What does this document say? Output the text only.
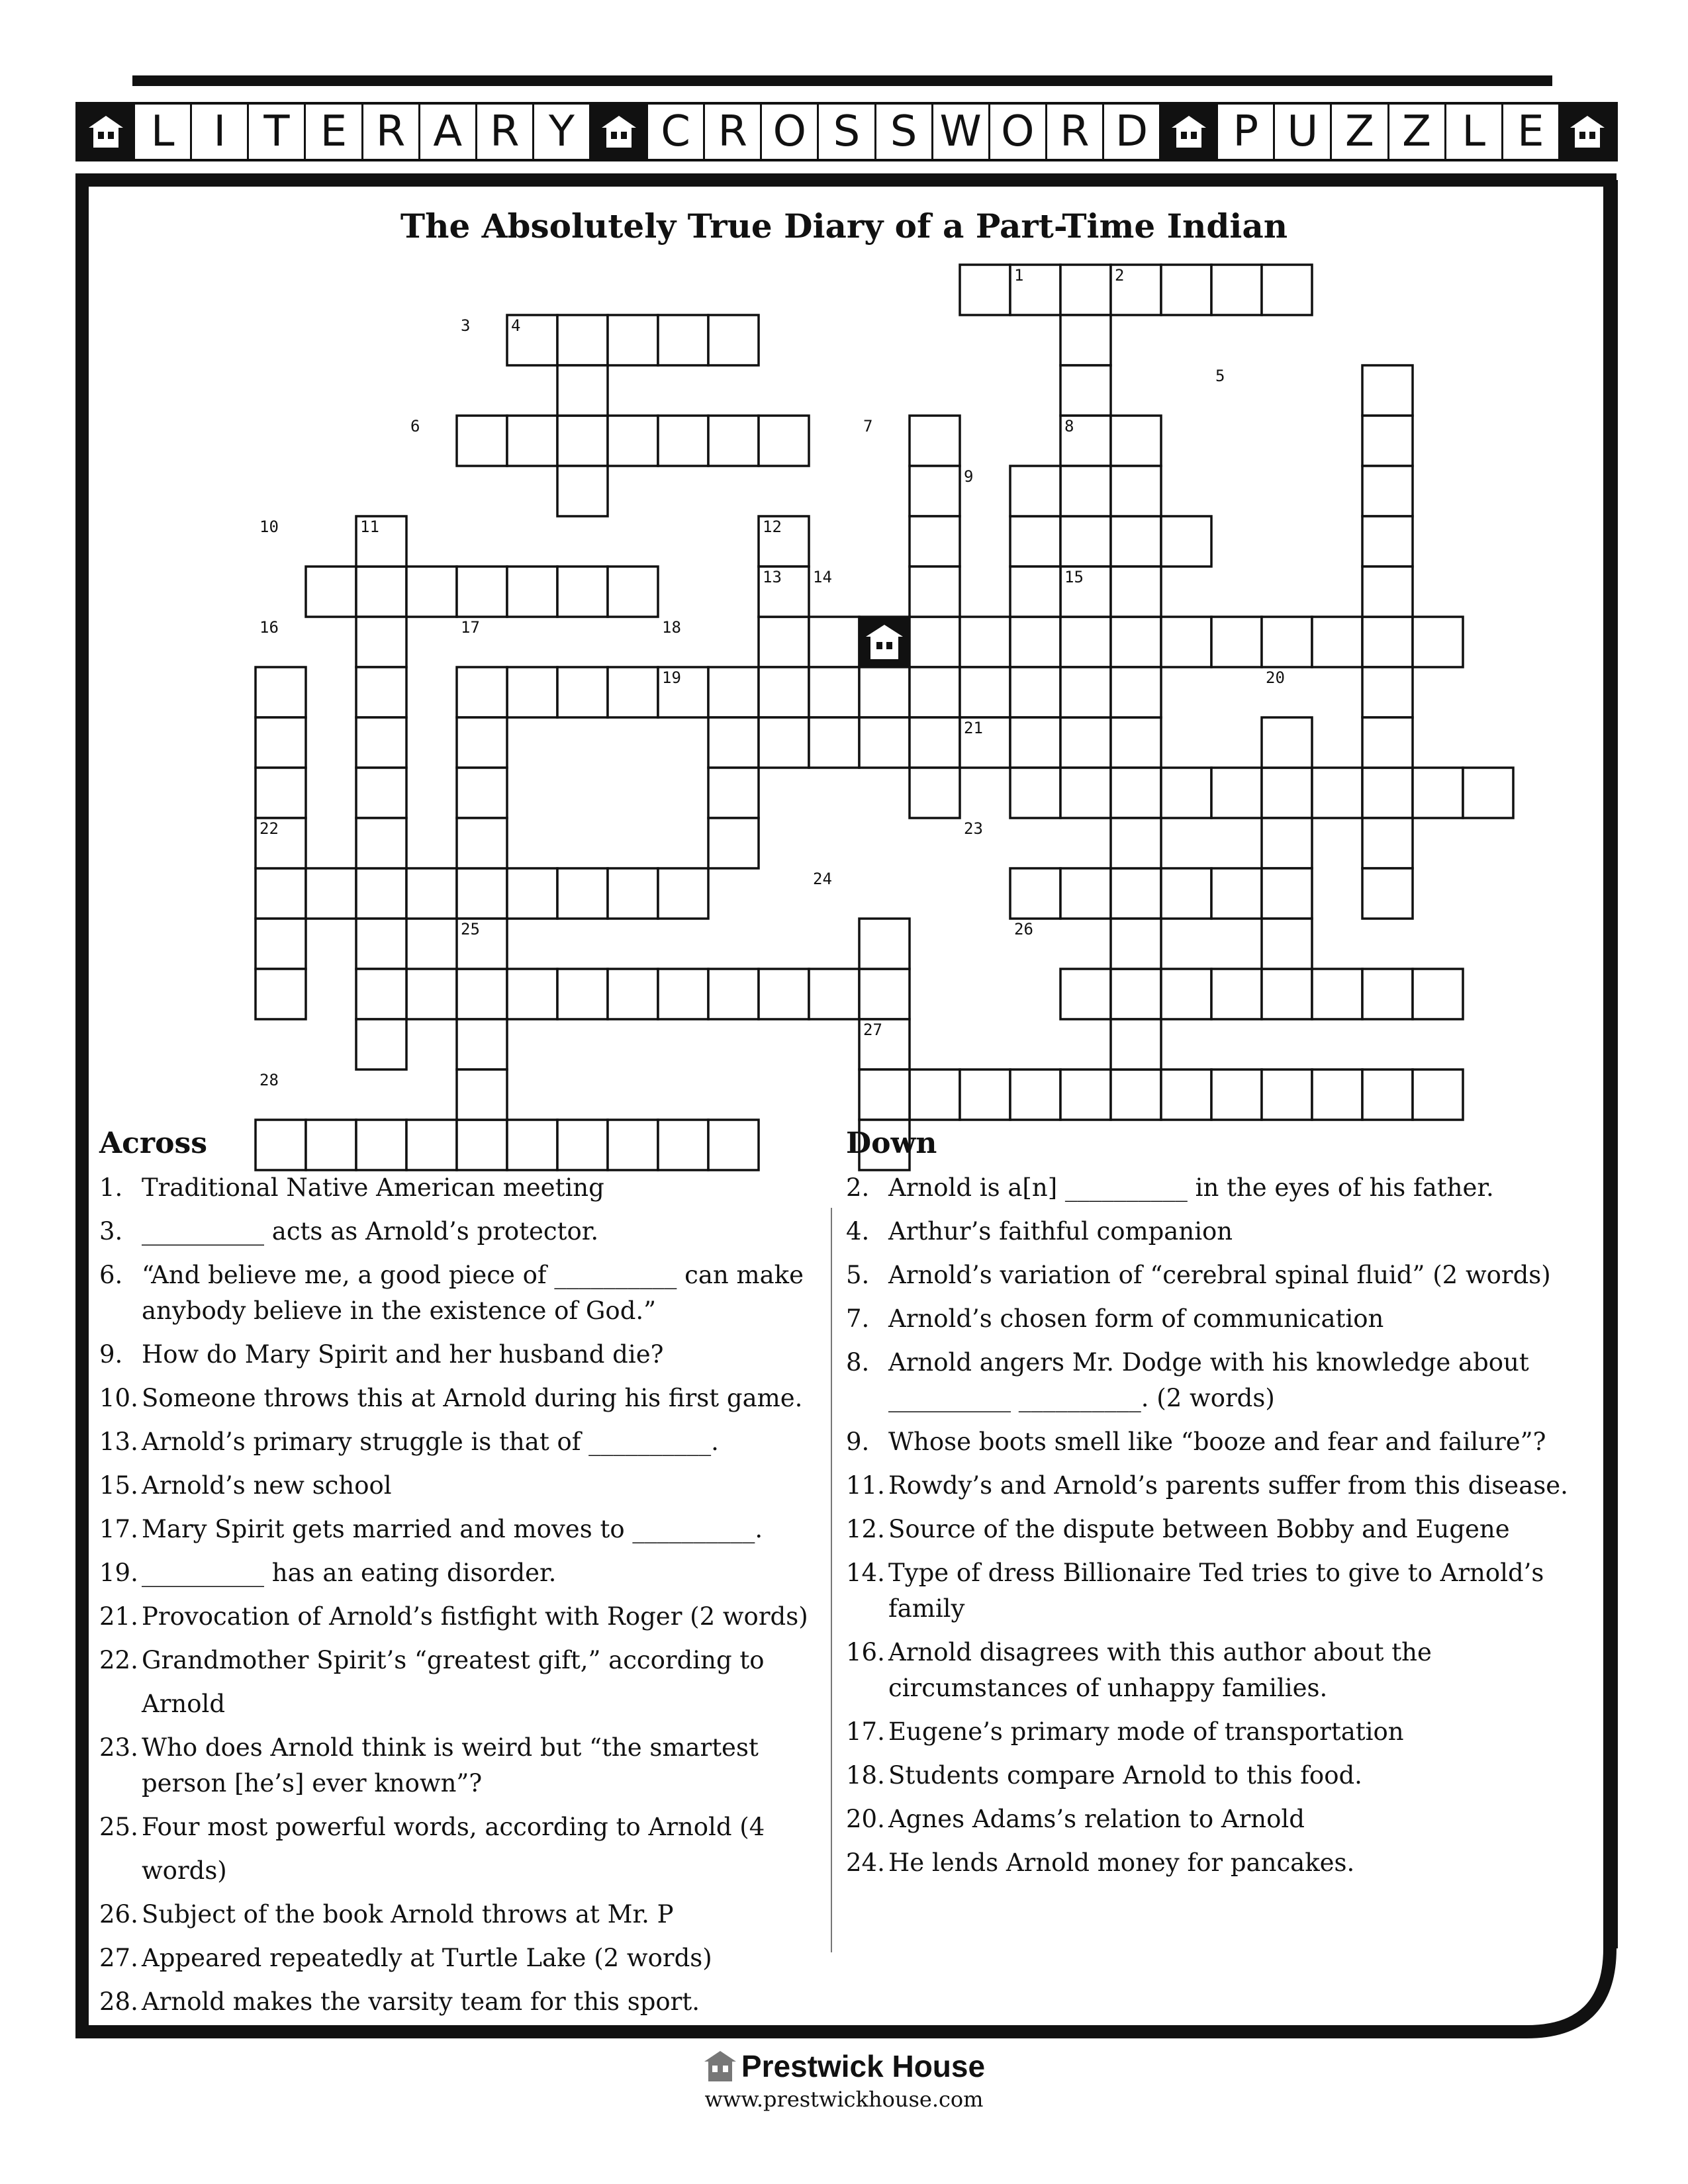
L I T E R A R Y	C R O S S W O R D	P U Z Z L E
The Absolutely True Diary of a Part-Time Indian
1	2
3	4
5
6	7	8
9
10	11	12
13 14	15
16	17	18
19	20
21
22	23
24
25	26
27
28
Across
1. Traditional Native American meeting
3. __________ acts as Arnold’s protector.
6. “And believe me, a good piece of __________ can make anybody believe in the existence of God.”
9. How do Mary Spirit and her husband die?
10. Someone throws this at Arnold during his first game.
13. Arnold’s primary struggle is that of __________.
15. Arnold’s new school
17. Mary Spirit gets married and moves to __________.
19. __________ has an eating disorder.
21. Provocation of Arnold’s fistfight with Roger (2 words)
22. Grandmother Spirit’s “greatest gift,” according to Arnold
23. Who does Arnold think is weird but “the smartest person [he’s] ever known”?
25. Four most powerful words, according to Arnold (4 words)
26. Subject of the book Arnold throws at Mr. P
27. Appeared repeatedly at Turtle Lake (2 words)
28. Arnold makes the varsity team for this sport.
Down
2. Arnold is a[n] __________ in the eyes of his father.
4. Arthur’s faithful companion
5. Arnold’s variation of “cerebral spinal fluid” (2 words)
7. Arnold’s chosen form of communication
8. Arnold angers Mr. Dodge with his knowledge about __________ __________. (2 words)
9. Whose boots smell like “booze and fear and failure”?
11. Rowdy’s and Arnold’s parents suffer from this disease.
12. Source of the dispute between Bobby and Eugene
14. Type of dress Billionaire Ted tries to give to Arnold’s family
16. Arnold disagrees with this author about the circumstances of unhappy families.
17. Eugene’s primary mode of transportation
18. Students compare Arnold to this food.
20. Agnes Adams’s relation to Arnold
24. He lends Arnold money for pancakes.
Prestwick House
www.prestwickhouse.com
